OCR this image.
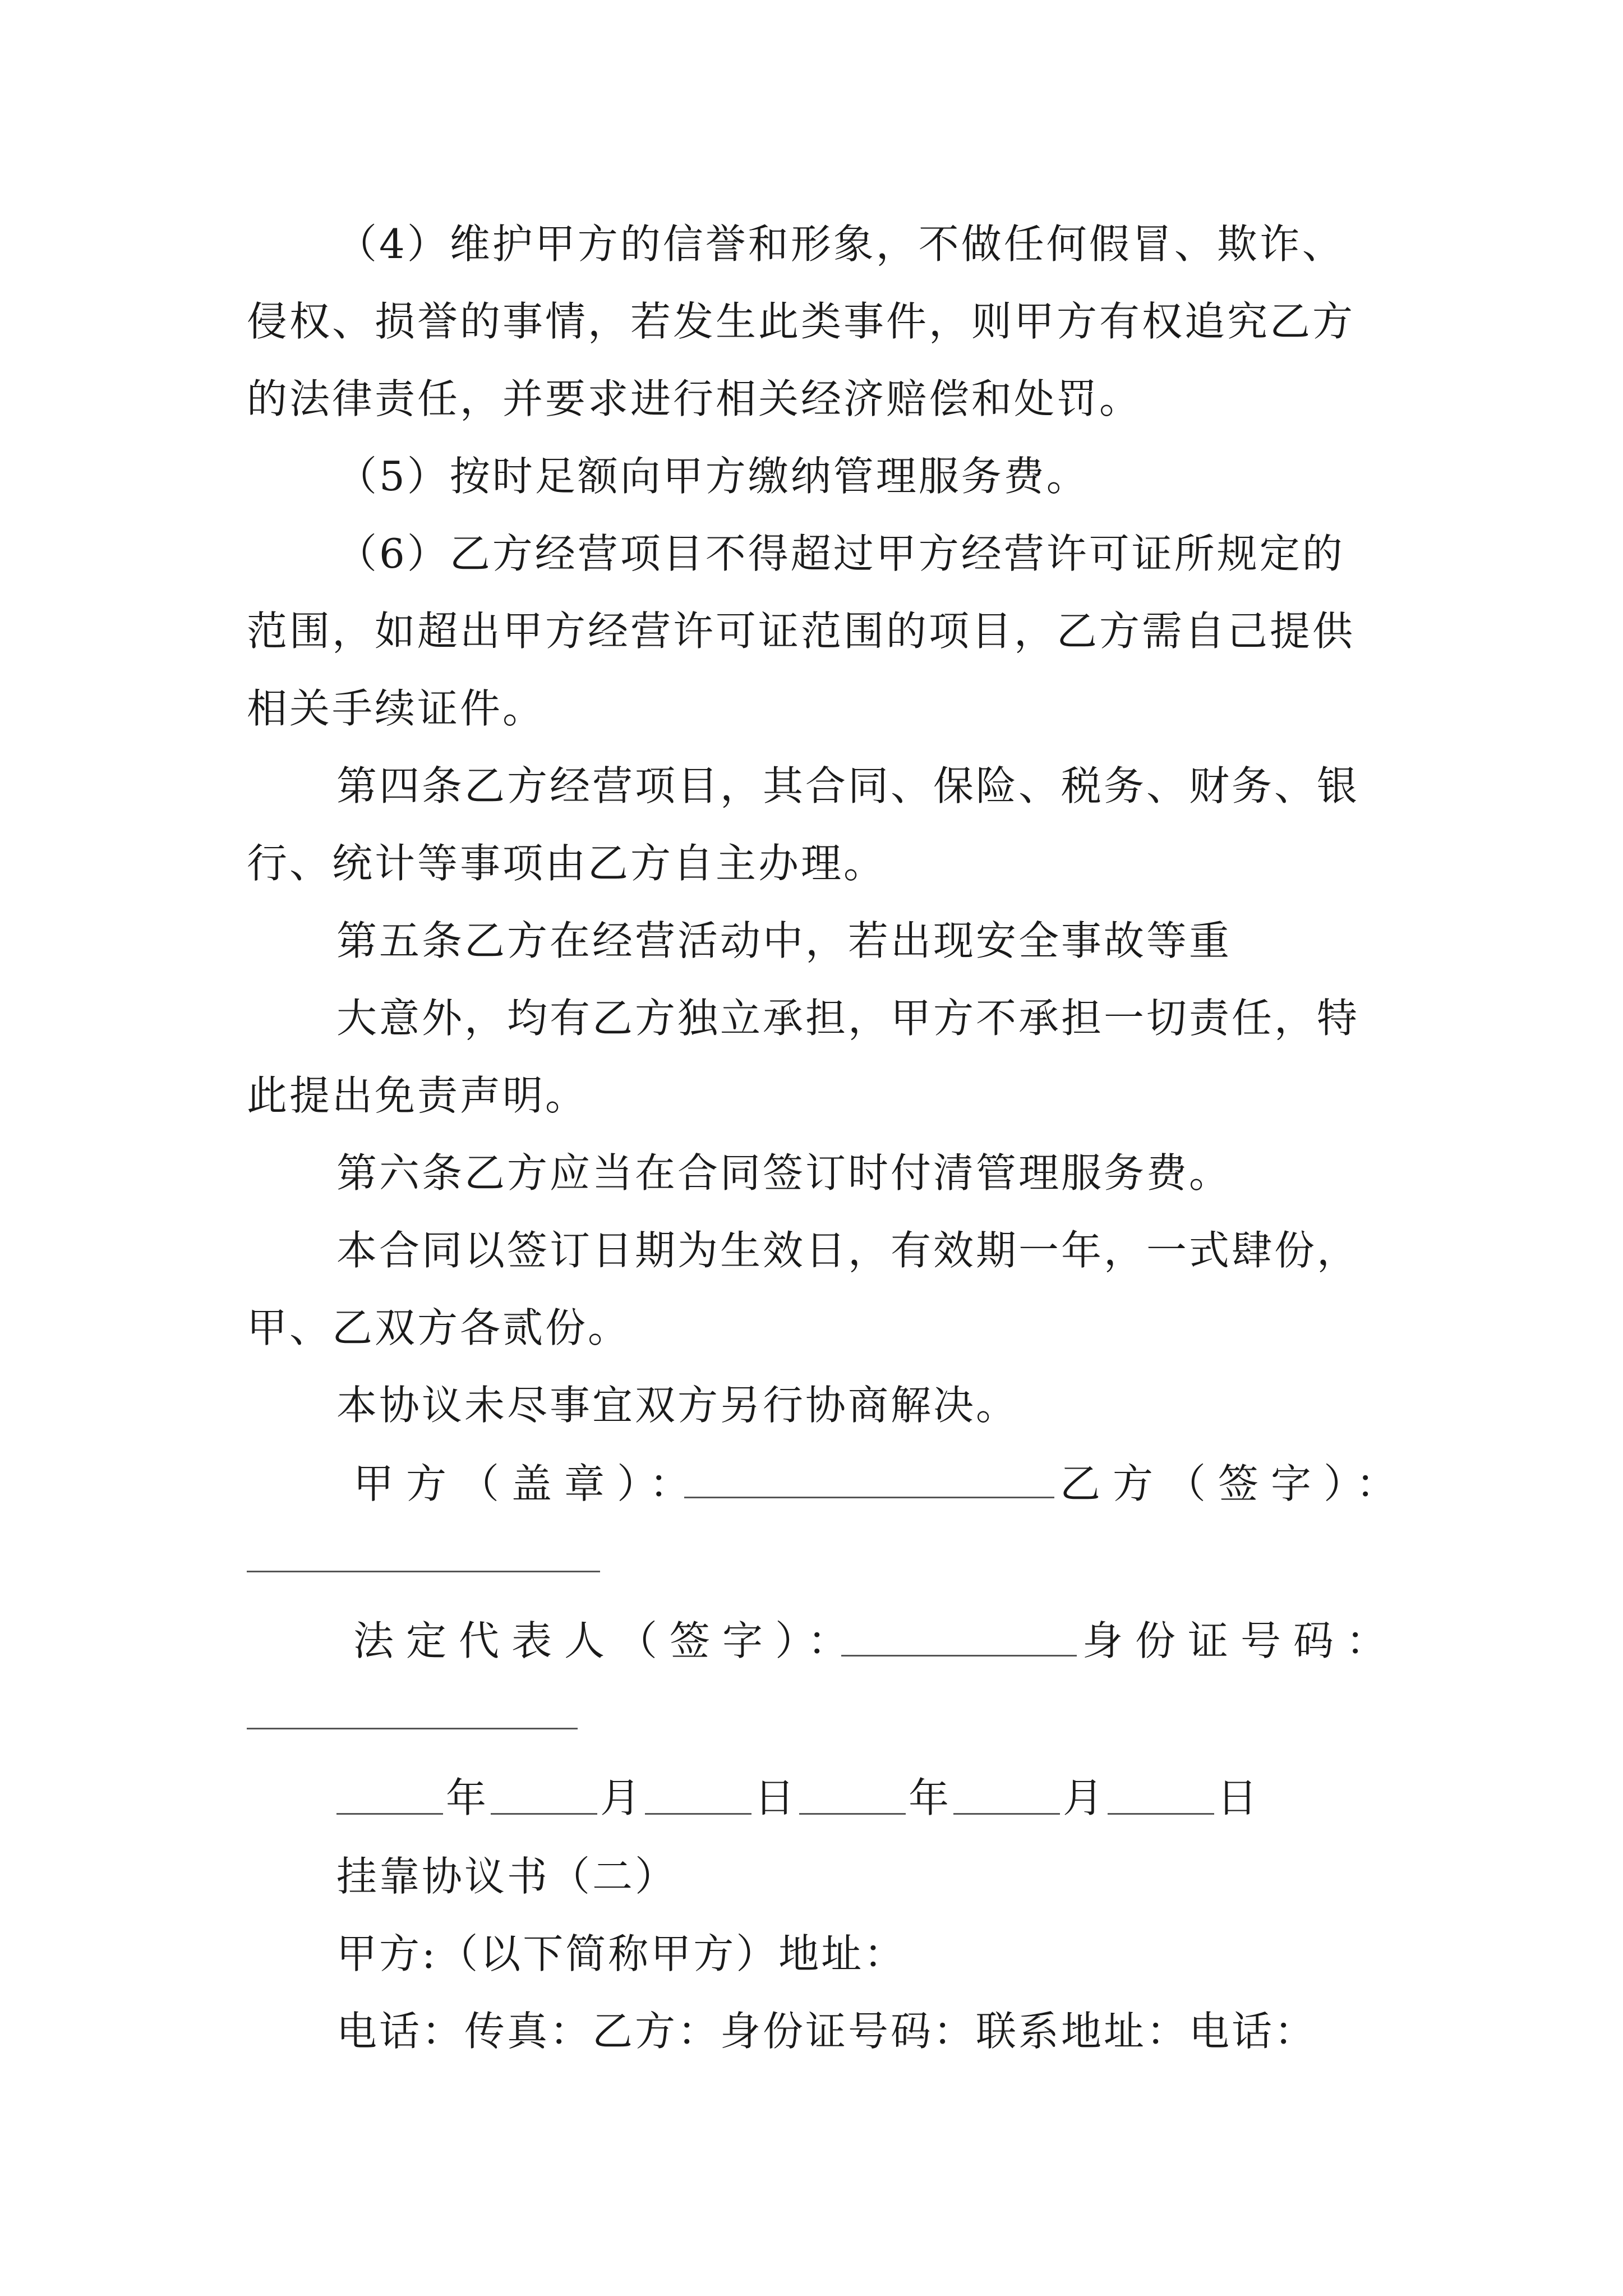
（4）维护甲方的信誉和形象，不做任何假冒、欺诈、
侵权、损誉的事情，若发生此类事件，则甲方有权追究乙方
的法律责任，并要求进行相关经济赔偿和处罚。
（5）按时足额向甲方缴纳管理服务费。
（6）乙方经营项目不得超过甲方经营许可证所规定的
范围，如超出甲方经营许可证范围的项目，乙方需自己提供
相关手续证件。
第四条乙方经营项目，其合同、保险、税务、财务、银
行、统计等事项由乙方自主办理。
第五条乙方在经营活动中，若出现安全事故等重
大意外，均有乙方独立承担，甲方不承担一切责任，特
此提出免责声明。
第六条乙方应当在合同签订时付清管理服务费。
本合同以签订日期为生效日，有效期一年，一式肆份，
甲、乙双方各贰份。
本协议未尽事宜双方另行协商解决。
甲方（盖章）：	乙方（签字）：
法定代表人（签字）：	身份证号码：
年	月	日	年	月	日
挂靠协议书（二）
甲方:（以下简称甲方）地址：
电话：传真：乙方：身份证号码：联系地址：电话：
